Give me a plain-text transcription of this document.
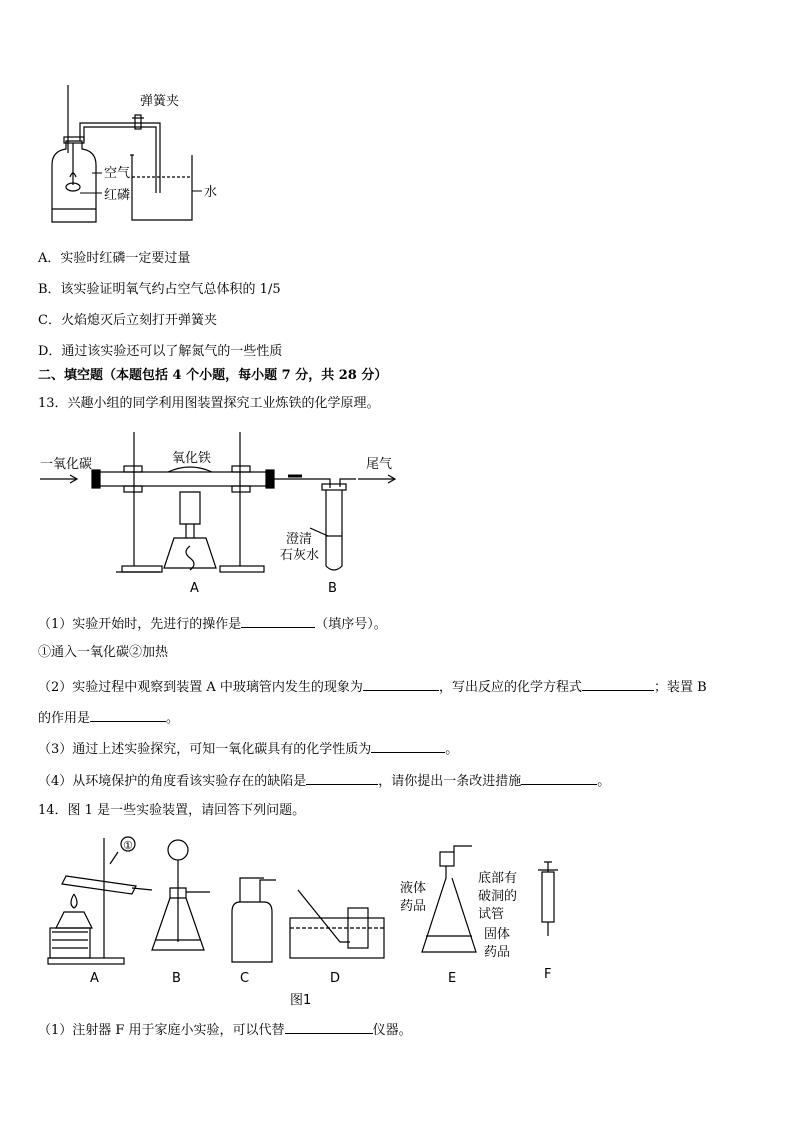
弹簧夹
空气
红磷	水
A．实验时红磷一定要过量
B．该实验证明氧气约占空气总体积的 1/5
C．火焰熄灭后立刻打开弹簧夹
D．通过该实验还可以了解氮气的一些性质
二、填空题（本题包括 4 个小题，每小题 7 分，共 28 分）
13．兴趣小组的同学利用图装置探究工业炼铁的化学原理。
一氧化碳	氧化铁	尾气
澄清
石灰水
A	B
（1）实验开始时，先进行的操作是	（填序号）。
①通入一氧化碳②加热
（2）实验过程中观察到装置 A 中玻璃管内发生的现象为	，写出反应的化学方程式	；装置 B
的作用是	。
（3）通过上述实验探究，可知一氧化碳具有的化学性质为	。
（4）从环境保护的角度看该实验存在的缺陷是	，请你提出一条改进措施	。
14．图 1 是一些实验装置，请回答下列问题。
①
A	B	C	D	E	F
液体
药品
底部有
破洞的
试管
固体
药品
图1
（1）注射器 F 用于家庭小实验，可以代替	仪器。
